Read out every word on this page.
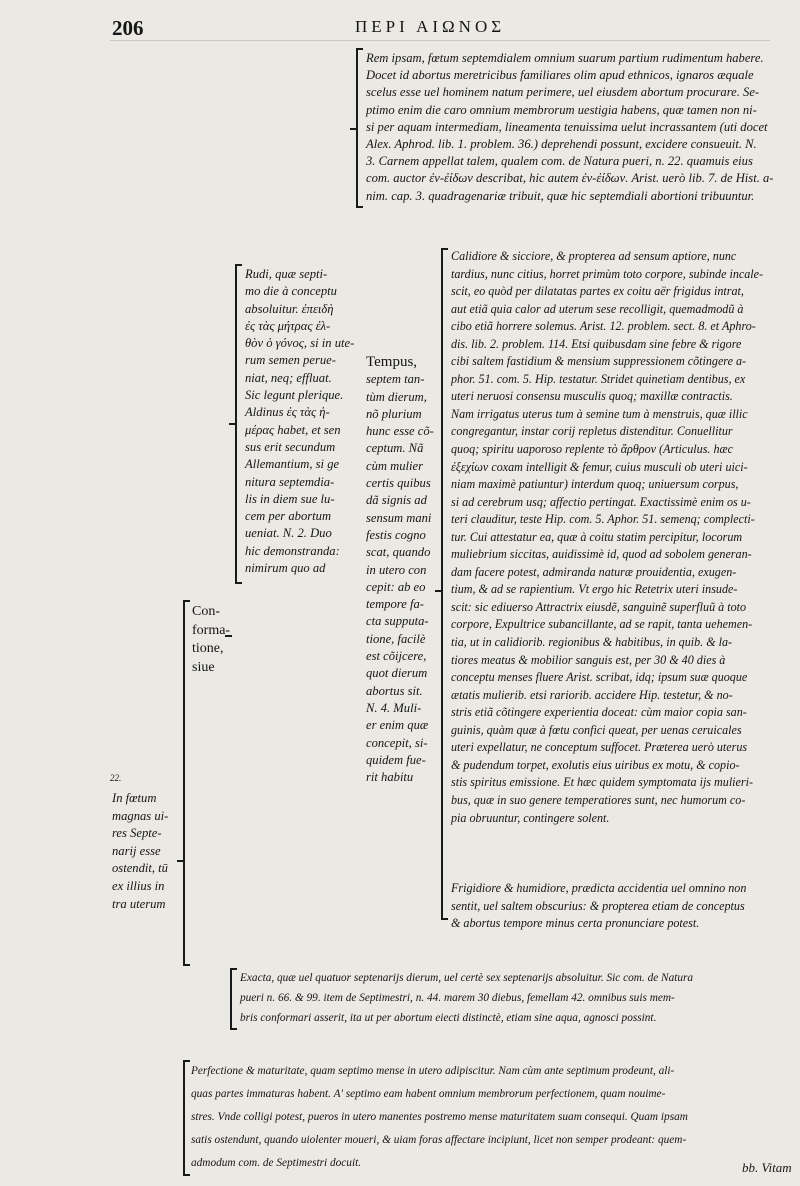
206	ΠΕΡΙ ΑΙΩΝΟΣ
Rem ipsam, fœtum septemdialem omnium suarum partium rudimentum habere.
Docet id abortus meretricibus familiares olim apud ethnicos, ignaros æquale
scelus esse uel hominem natum perimere, uel eiusdem abortum procurare. Se-
ptimo enim die caro omnium membrorum uestigia habens, quæ tamen non ni-
si per aquam intermediam, lineamenta tenuissima uelut incrassantem (uti docet
Alex. Aphrod. lib. 1. problem. 36.) deprehendi possunt, excidere consueuit. N.
3. Carnem appellat talem, qualem com. de Natura pueri, n. 22. quamuis eius
com. auctor ἐν‑ἐίδων describat, hic autem ἐν‑ἐίδων. Arist. uerò lib. 7. de Hist. a-
nim. cap. 3. quadragenariæ tribuit, quæ hic septemdiali abortioni tribuuntur.
Rudi, quæ septi-
mo die à conceptu
absoluitur. ἐπειδὴ
ἐς τὰς μήτρας ἐλ-
θὸν ὁ γόνος, si in ute-
rum semen perue-
niat, neq; effluat.
Sic legunt plerique.
Aldinus ἐς τὰς ἡ-
μέρας habet, et sen
sus erit secundum
Allemantium, si ge
nitura septemdia-
lis in diem sue lu-
cem per abortum
ueniat. N. 2. Duo
hic demonstranda:
nimirum quo ad
Con-
forma-
tione,
siue
Tempus,
septem tan-
tùm dierum,
nõ plurium
hunc esse cõ-
ceptum. Nã
cùm mulier
certis quibus
dã signis ad
sensum mani
festis cogno
scat, quando
in utero con
cepit: ab eo
tempore fa-
cta supputa-
tione, facilè
est cõijcere,
quot dierum
abortus sit.
N. 4. Muli-
er enim quæ
concepit, si-
quidem fue-
rit habitu
Calidiore & sicciore, & propterea ad sensum aptiore, nunc
tardius, nunc citius, horret primùm toto corpore, subinde incale-
scit, eo quòd per dilatatas partes ex coitu aër frigidus intrat,
aut etiã quia calor ad uterum sese recolligit, quemadmodũ à
cibo etiã horrere solemus. Arist. 12. problem. sect. 8. et Aphro-
dis. lib. 2. problem. 114. Etsi quibusdam sine febre & rigore
cibi saltem fastidium & mensium suppressionem cõtingere a-
phor. 51. com. 5. Hip. testatur. Stridet quinetiam dentibus, ex
uteri neruosi consensu musculis quoq; maxillæ contractis.
Nam irrigatus uterus tum à semine tum à menstruis, quæ illic
congregantur, instar corij repletus distenditur. Conuellitur
quoq; spiritu uaporoso replente τὸ ἄρθρον (Articulus. hæc
ἐξεχίων coxam intelligit & femur, cuius musculi ob uteri uici-
niam maximè patiuntur) interdum quoq; uniuersum corpus,
si ad cerebrum usq; affectio pertingat. Exactissimè enim os u-
teri clauditur, teste Hip. com. 5. Aphor. 51. semenq; complecti-
tur. Cui attestatur ea, quæ à coitu statim percipitur, locorum
muliebrium siccitas, auidissimè id, quod ad sobolem generan-
dam facere potest, admiranda naturæ prouidentia, exugen-
tium, & ad se rapientium. Vt ergo hic Retetrix uteri insude-
scit: sic ediuerso Attractrix eiusdẽ, sanguinẽ superfluũ à toto
corpore, Expultrice subancillante, ad se rapit, tanta uehemen-
tia, ut in calidiorib. regionibus & habitibus, in quib. & la-
tiores meatus & mobilior sanguis est, per 30 & 40 dies à
conceptu menses fluere Arist. scribat, idq; ipsum suæ quoque
ætatis mulierib. etsi rariorib. accidere Hip. testetur, & no-
stris etiã cõtingere experientia doceat: cùm maior copia san-
guinis, quàm quæ à fœtu confici queat, per uenas ceruicales
uteri expellatur, ne conceptum suffocet. Præterea uerò uterus
& pudendum torpet, exolutis eius uiribus ex motu, & copio-
stis spiritus emissione. Et hæc quidem symptomata ijs mulieri-
bus, quæ in suo genere temperatiores sunt, nec humorum co-
pia obruuntur, contingere solent.
Frigidiore & humidiore, prædicta accidentia uel omnino non
sentit, uel saltem obscurius: & propterea etiam de conceptus
& abortus tempore minus certa pronunciare potest.
22.
In fœtum
magnas ui-
res Septe-
narij esse
ostendit, tū
ex illius in
tra uterum
Exacta, quæ uel quatuor septenarijs dierum, uel certè sex septenarijs absoluitur. Sic com. de Natura
pueri n. 66. & 99. item de Septimestri, n. 44. marem 30 diebus, femellam 42. omnibus suis mem-
bris conformari asserit, ita ut per abortum eiecti distinctè, etiam sine aqua, agnosci possint.
Perfectione & maturitate, quam septimo mense in utero adipiscitur. Nam cùm ante septimum prodeunt, ali-
quas partes immaturas habent. A' septimo eam habent omnium membrorum perfectionem, quam nouime-
stres. Vnde colligi potest, pueros in utero manentes postremo mense maturitatem suam consequi. Quam ipsam
satis ostendunt, quando uiolenter moueri, & uiam foras affectare incipiunt, licet non semper prodeant: quem-
admodum com. de Septimestri docuit.	bb. Vitam
